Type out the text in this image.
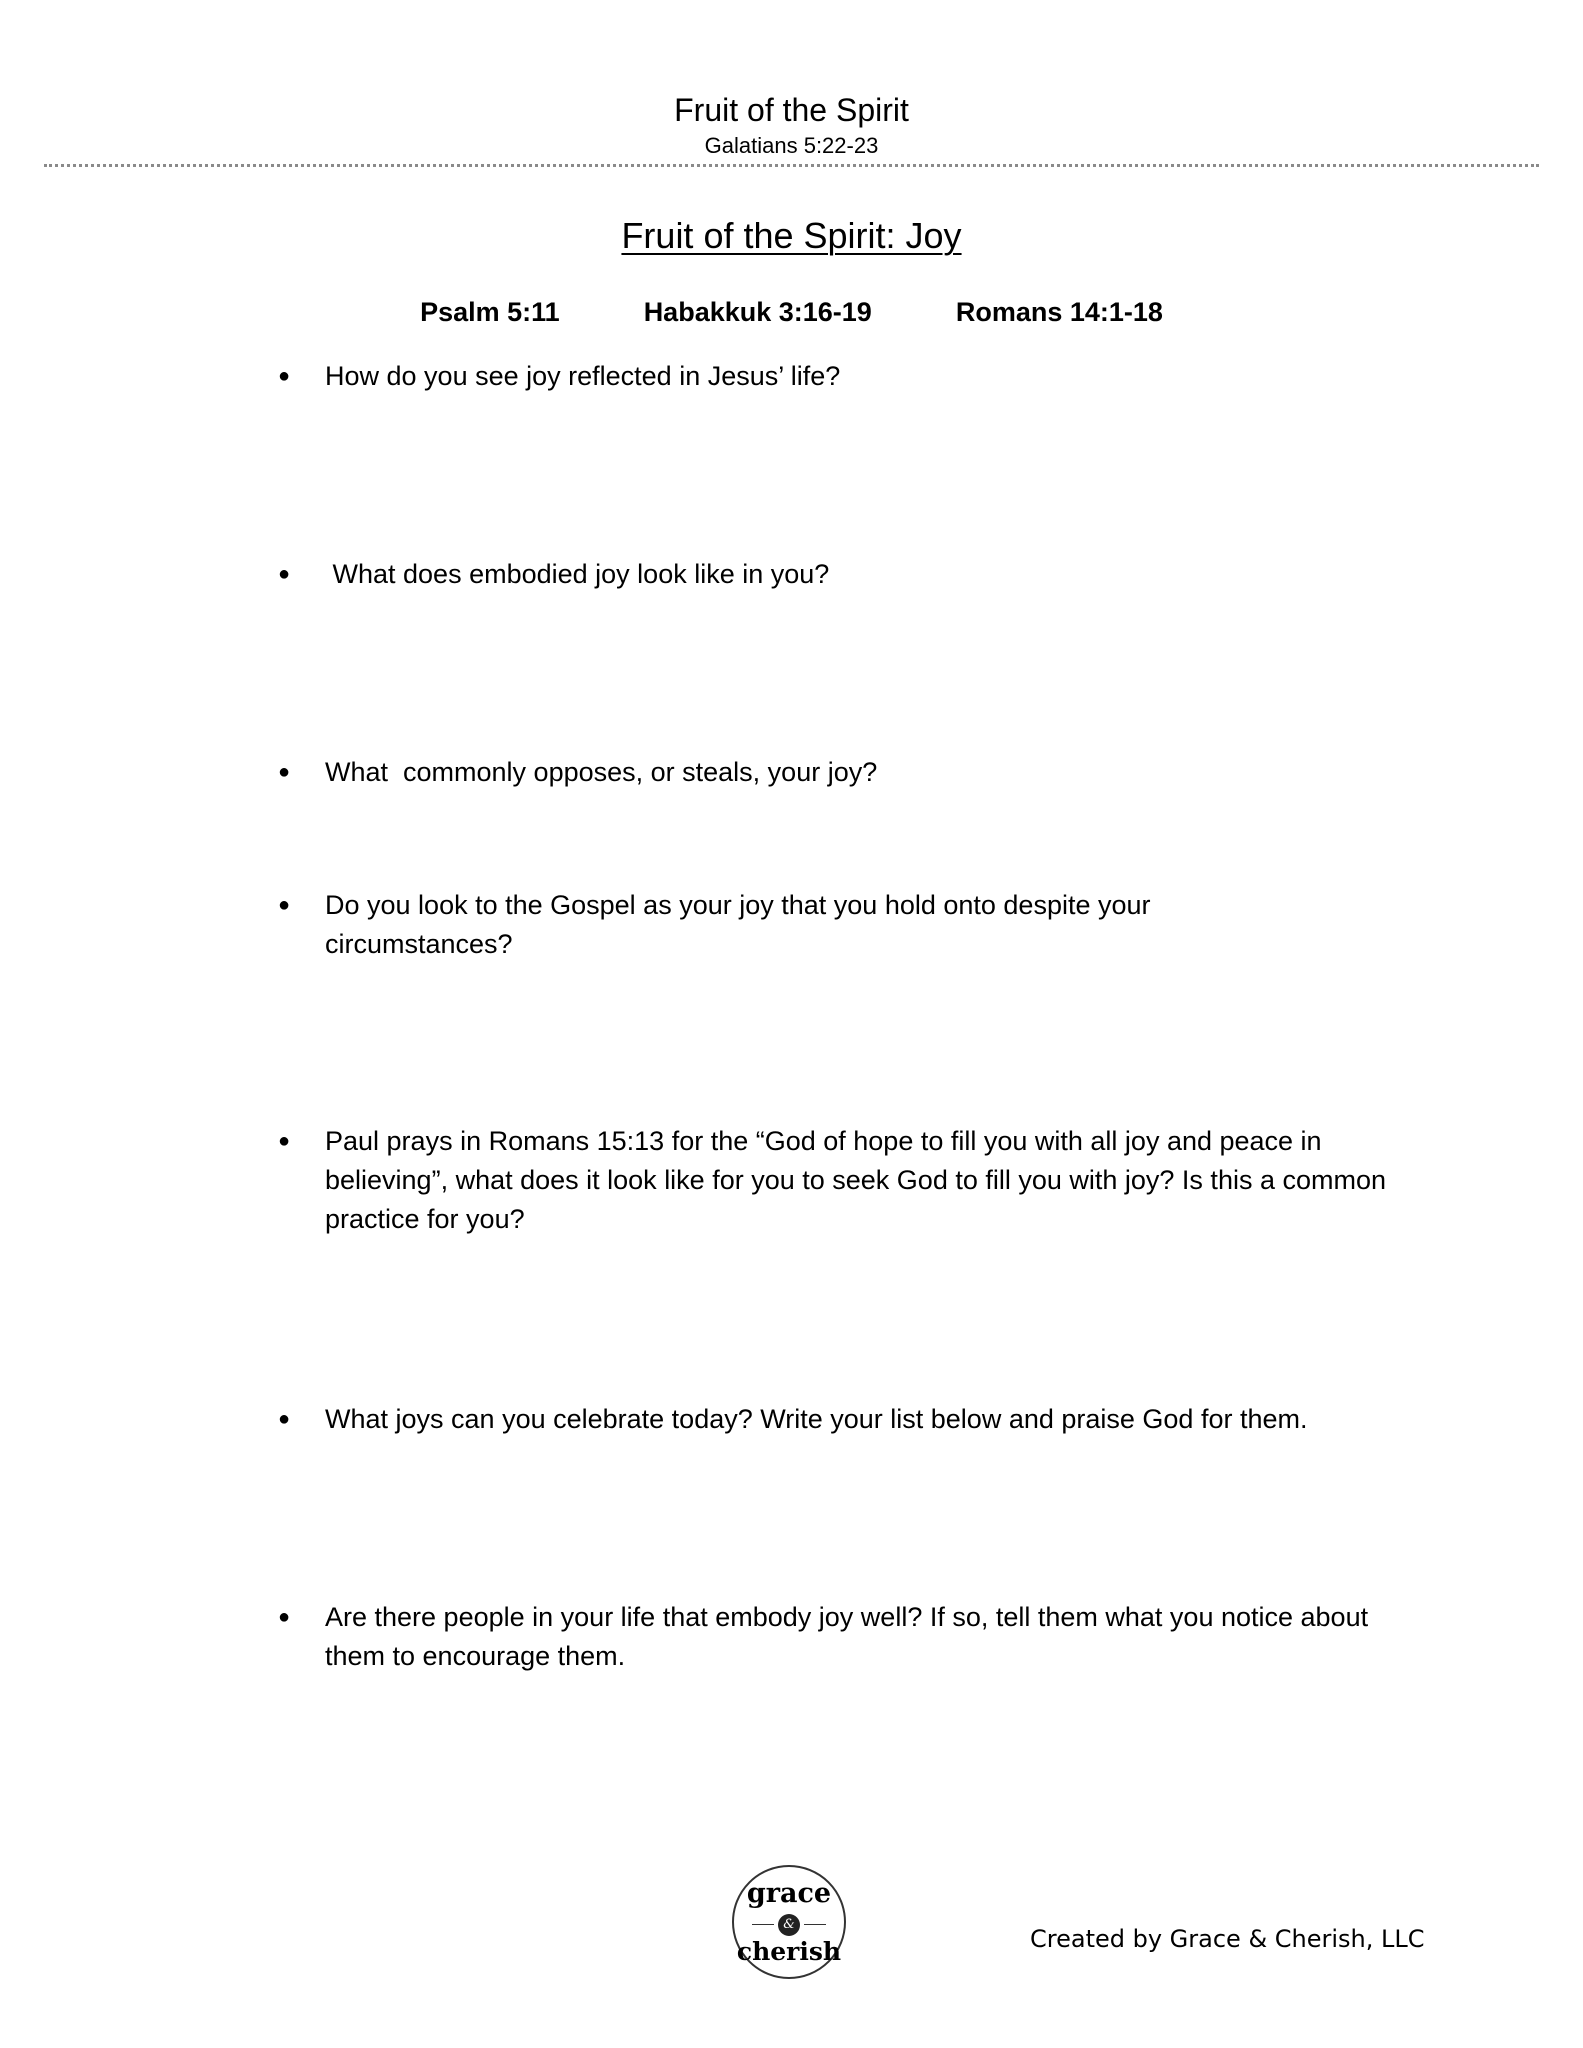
Fruit of the Spirit
Galatians 5:22-23
Fruit of the Spirit: Joy
Psalm 5:11	Habakkuk 3:16-19	Romans 14:1-18
● How do you see joy reflected in Jesus’ life?
● What does embodied joy look like in you?
● What  commonly opposes, or steals, your joy?
● Do you look to the Gospel as your joy that you hold onto despite your circumstances?
● Paul prays in Romans 15:13 for the “God of hope to fill you with all joy and peace in believing”, what does it look like for you to seek God to fill you with joy? Is this a common practice for you?
● What joys can you celebrate today? Write your list below and praise God for them.
● Are there people in your life that embody joy well? If so, tell them what you notice about them to encourage them.
grace
&
cherish	Created by Grace & Cherish, LLC
